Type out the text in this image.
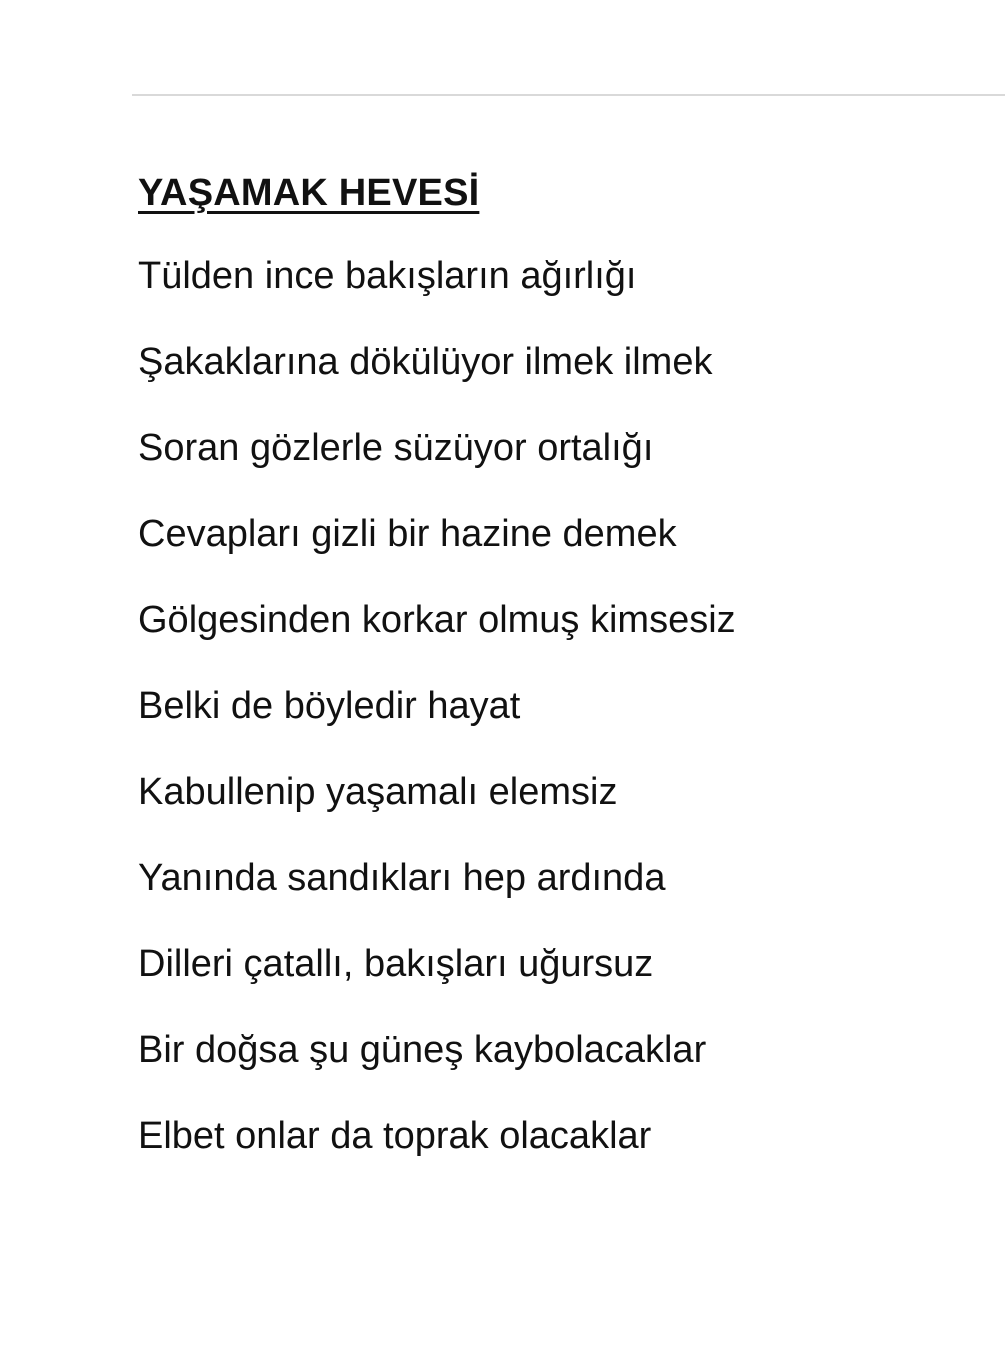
YAŞAMAK HEVESİ
Tülden ince bakışların ağırlığı
Şakaklarına dökülüyor ilmek ilmek
Soran gözlerle süzüyor ortalığı
Cevapları gizli bir hazine demek
Gölgesinden korkar olmuş kimsesiz
Belki de böyledir hayat
Kabullenip yaşamalı elemsiz
Yanında sandıkları hep ardında
Dilleri çatallı, bakışları uğursuz
Bir doğsa şu güneş kaybolacaklar
Elbet onlar da toprak olacaklar
